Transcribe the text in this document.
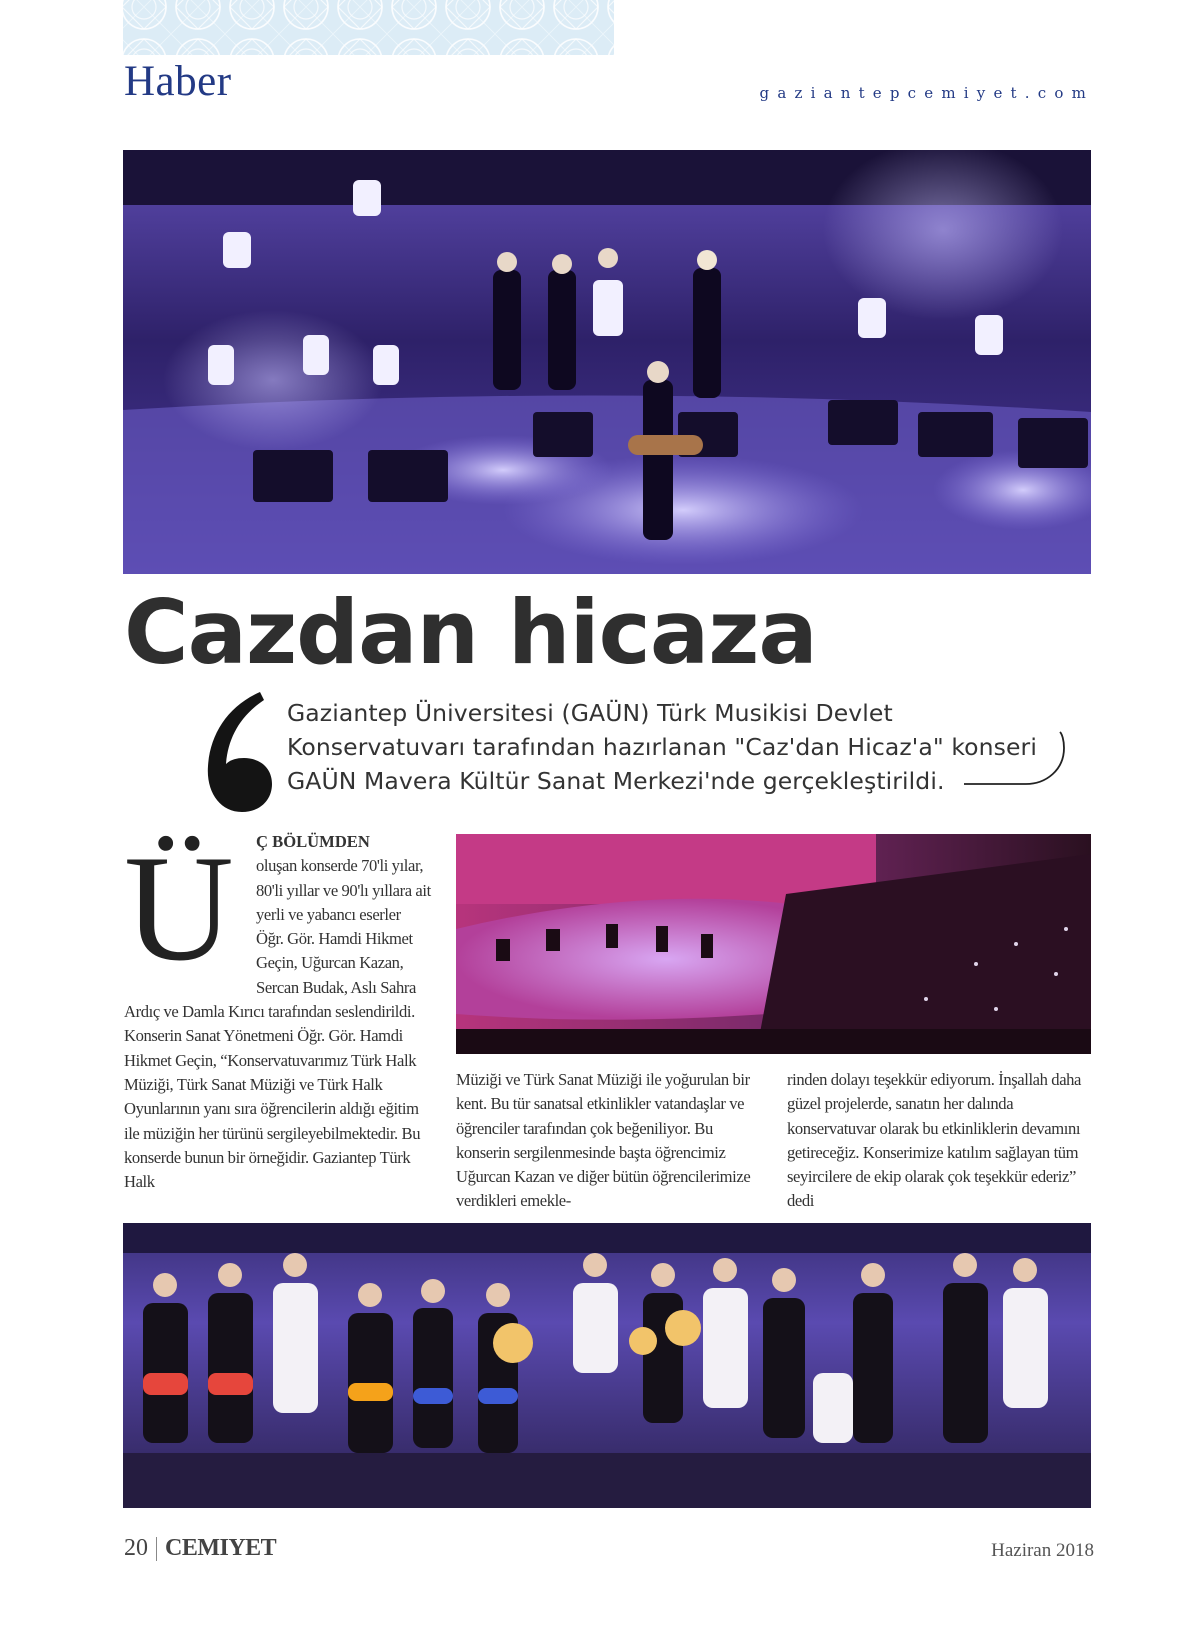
Haber	gaziantepcemiyet.com
Cazdan hicaza

Gaziantep Üniversitesi (GAÜN) Türk Musikisi Devlet Konservatuvarı tarafından hazırlanan "Caz'dan Hicaz'a" konseri GAÜN Mavera Kültür Sanat Merkezi'nde gerçekleştirildi.

Ü	Ç BÖLÜMDEN
oluşan konserde 70'li yılar, 80'li yıllar ve 90'lı yıllara ait yerli ve yabancı eserler Öğr. Gör. Hamdi Hikmet Geçin, Uğurcan Kazan, Sercan Budak, Aslı Sahra Ardıç ve Damla Kırıcı tarafından seslendirildi. Konserin Sanat Yönetmeni Öğr. Gör. Hamdi Hikmet Geçin, “Konservatuvarımız Türk Halk Müziği, Türk Sanat Müziği ve Türk Halk Oyunlarının yanı sıra öğrencilerin aldığı eğitim ile müziğin her türünü sergileyebilmektedir. Bu konserde bunun bir örneğidir. Gaziantep Türk Halk

Müziği ve Türk Sanat Müziği ile yoğurulan bir kent. Bu tür sanatsal etkinlikler vatandaşlar ve öğrenciler tarafından çok beğeniliyor. Bu konserin sergilenmesinde başta öğrencimiz Uğurcan Kazan ve diğer bütün öğrencilerimize verdikleri emekle-

rinden dolayı teşekkür ediyorum. İnşallah daha güzel projelerde, sanatın her dalında konservatuvar olarak bu etkinliklerin devamını getireceğiz. Konserimize katılım sağlayan tüm seyircilere de ekip olarak çok teşekkür ederiz” dedi

20 CEMIYET	Haziran 2018
